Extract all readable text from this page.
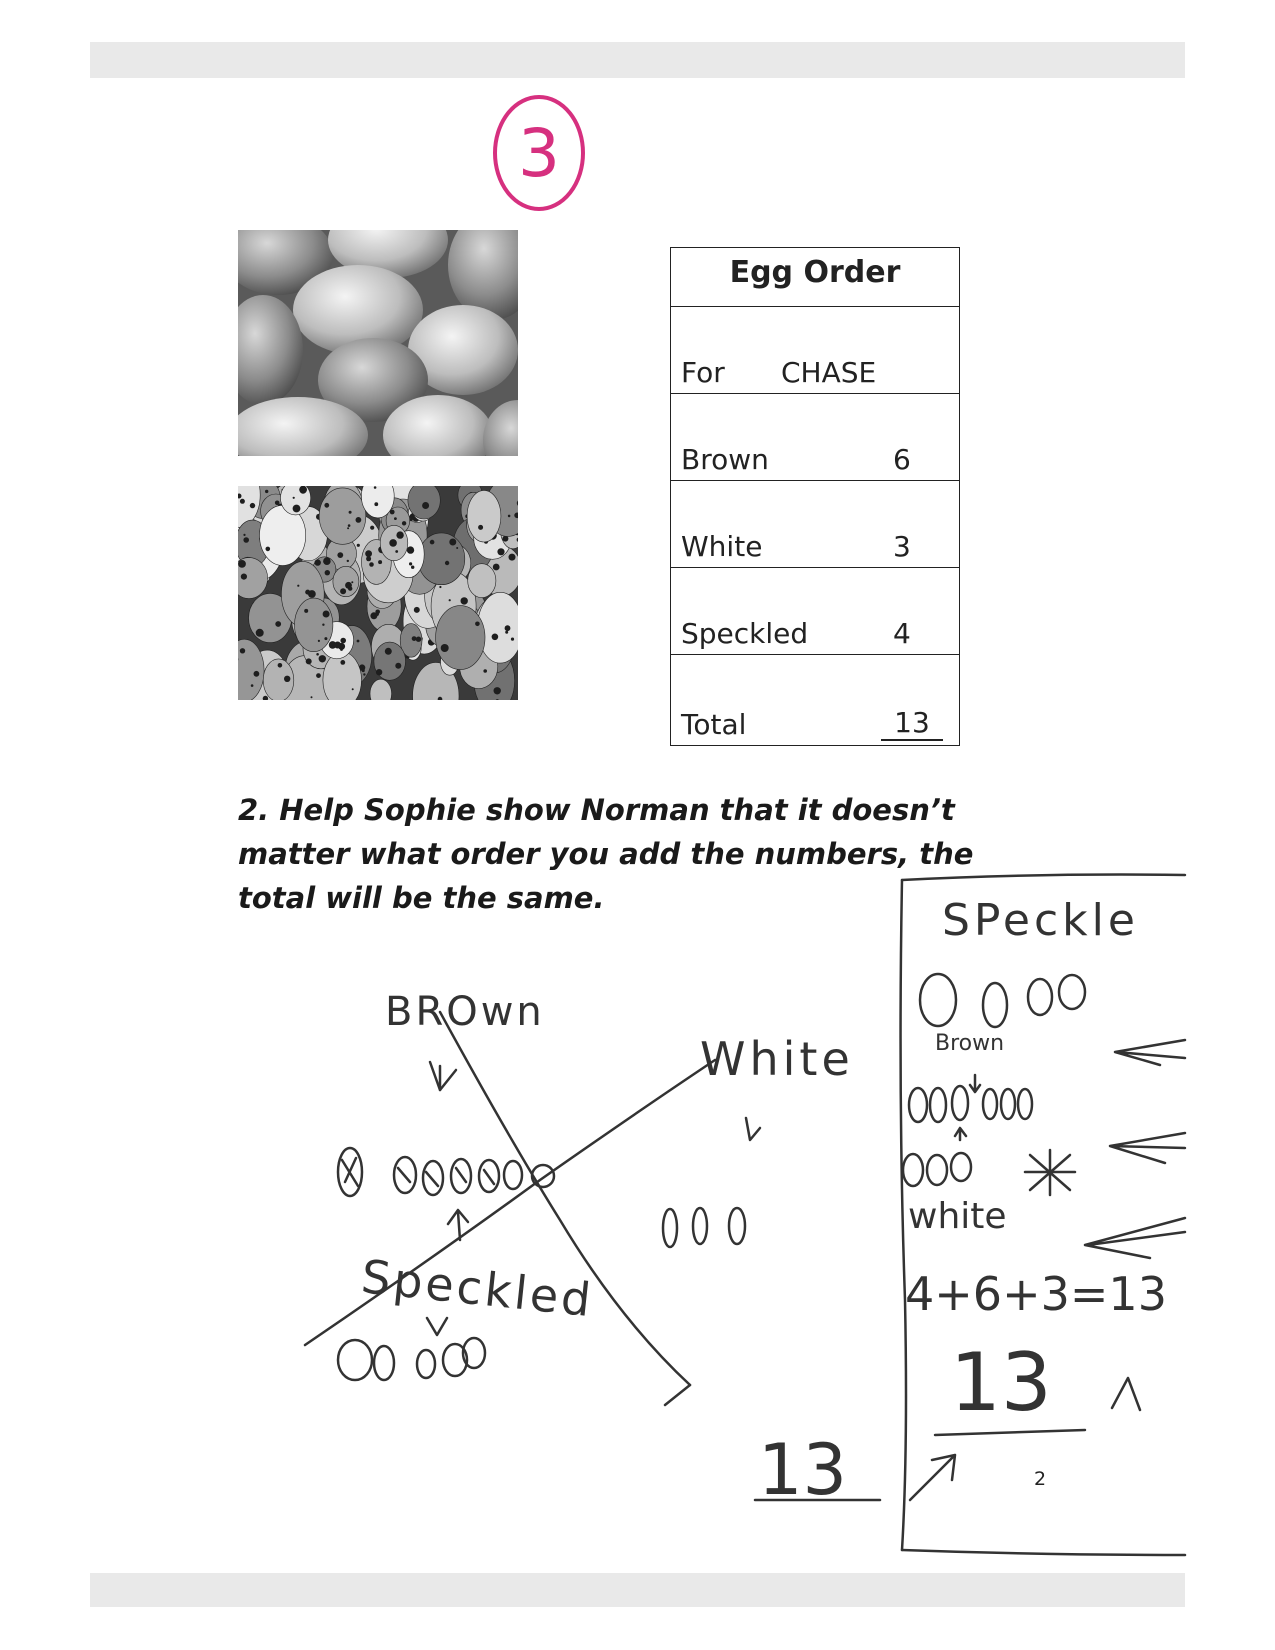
3
Egg Order
For CHASE
Brown	6
White	3
Speckled	4
Total	13
2. Help Sophie show Norman that it doesn’t matter what order you add the numbers, the total will be the same.
BROwn
White
Speckled
13
SPeckle
Brown
white
4+6+3=13
13
2
